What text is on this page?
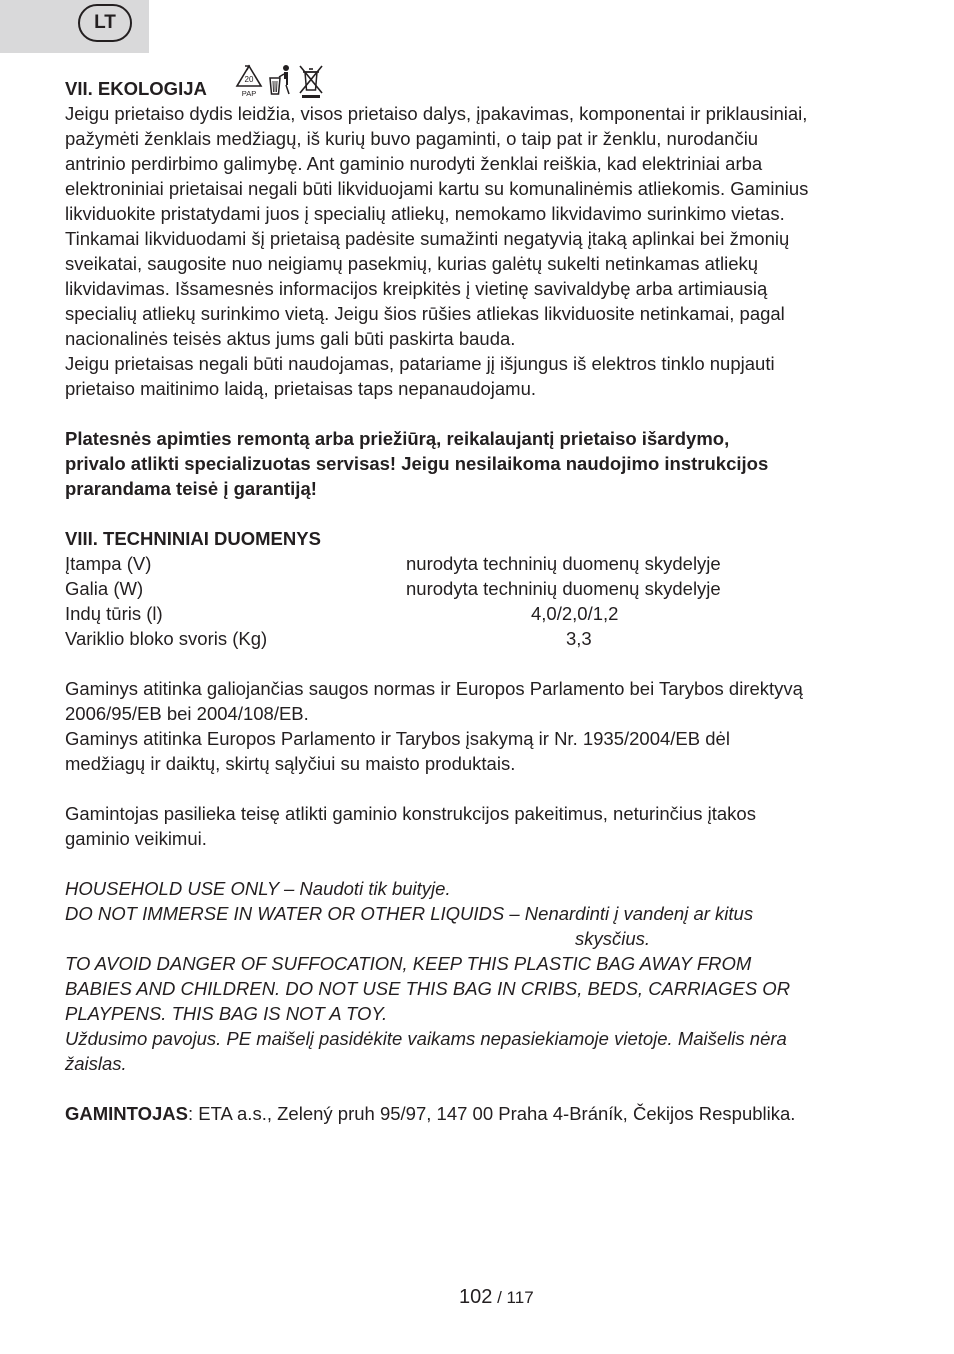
LT
VII. EKOLOGIJA	20
PAP

Jeigu prietaiso dydis leidžia, visos prietaiso dalys, įpakavimas, komponentai ir priklausiniai,
pažymėti ženklais medžiagų, iš kurių buvo pagaminti, o taip pat ir ženklu, nurodančiu
antrinio perdirbimo galimybę. Ant gaminio nurodyti ženklai reiškia, kad elektriniai arba
elektroniniai prietaisai negali būti likviduojami kartu su komunalinėmis atliekomis. Gaminius
likviduokite pristatydami juos į specialių atliekų, nemokamo likvidavimo surinkimo vietas.
Tinkamai likviduodami šį prietaisą padėsite sumažinti negatyvią įtaką aplinkai bei žmonių
sveikatai, saugosite nuo neigiamų pasekmių, kurias galėtų sukelti netinkamas atliekų
likvidavimas. Išsamesnės informacijos kreipkitės į vietinę savivaldybę arba artimiausią
specialių atliekų surinkimo vietą. Jeigu šios rūšies atliekas likviduosite netinkamai, pagal
nacionalinės teisės aktus jums gali būti paskirta bauda.

Jeigu prietaisas negali būti naudojamas, patariame jį išjungus iš elektros tinklo nupjauti
prietaiso maitinimo laidą, prietaisas taps nepanaudojamu.

Platesnės apimties remontą arba priežiūrą, reikalaujantį prietaiso išardymo,
privalo atlikti specializuotas servisas! Jeigu nesilaikoma naudojimo instrukcijos
prarandama teisė į garantiją!

VIII. TECHNINIAI DUOMENYS

Įtampa (V)	nurodyta techninių duomenų skydelyje
Galia (W)	nurodyta techninių duomenų skydelyje
Indų tūris (l)	4,0/2,0/1,2
Variklio bloko svoris (Kg)	3,3

Gaminys atitinka galiojančias saugos normas ir Europos Parlamento bei Tarybos direktyvą
2006/95/EB bei 2004/108/EB.

Gaminys atitinka Europos Parlamento ir Tarybos įsakymą ir Nr. 1935/2004/EB dėl
medžiagų ir daiktų, skirtų sąlyčiui su maisto produktais.

Gamintojas pasilieka teisę atlikti gaminio konstrukcijos pakeitimus, neturinčius įtakos
gaminio veikimui.

HOUSEHOLD USE ONLY – Naudoti tik buityje.

DO NOT IMMERSE IN WATER OR OTHER LIQUIDS – Nenardinti į vandenį ar kitus

skysčius.

TO AVOID DANGER OF SUFFOCATION, KEEP THIS PLASTIC BAG AWAY FROM
BABIES AND CHILDREN. DO NOT USE THIS BAG IN CRIBS, BEDS, CARRIAGES OR
PLAYPENS. THIS BAG IS NOT A TOY.

Uždusimo pavojus. PE maišelį pasidėkite vaikams nepasiekiamoje vietoje. Maišelis nėra
žaislas.

GAMINTOJAS: ETA a.s., Zelený pruh 95/97, 147 00 Praha 4-Bráník, Čekijos Respublika.

102 / 117
